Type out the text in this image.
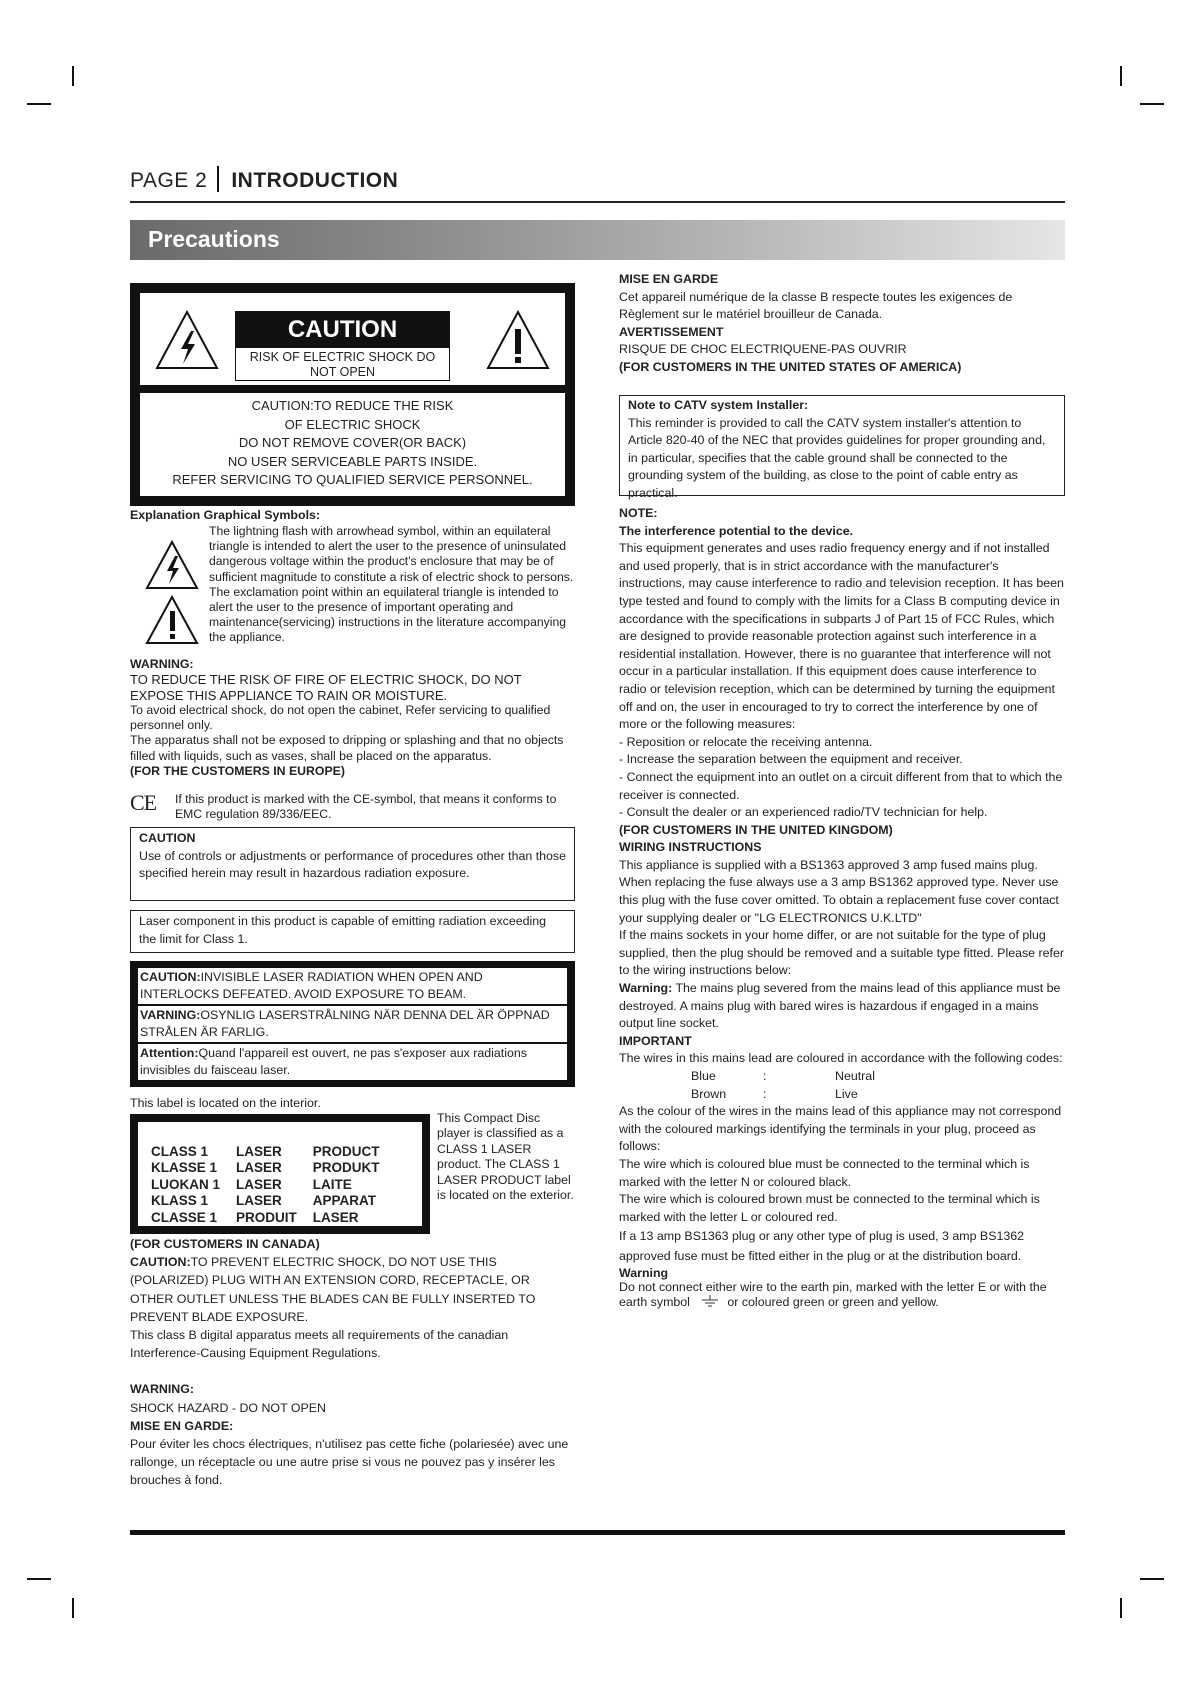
PAGE 2 INTRODUCTION
Precautions
CAUTION
RISK OF ELECTRIC SHOCK DO
NOT OPEN
CAUTION:TO REDUCE THE RISK
OF ELECTRIC SHOCK
DO NOT REMOVE COVER(OR BACK)
NO USER SERVICEABLE PARTS INSIDE.
REFER SERVICING TO QUALIFIED SERVICE PERSONNEL.

Explanation Graphical Symbols:

The lightning flash with arrowhead symbol, within an equilateral triangle is intended to alert the user to the presence of uninsulated dangerous voltage within the product's enclosure that may be of sufficient magnitude to constitute a risk of electric shock to persons.

The exclamation point within an equilateral triangle is intended to alert the user to the presence of important operating and maintenance(servicing) instructions in the literature accompanying the appliance.

WARNING:

TO REDUCE THE RISK OF FIRE OF ELECTRIC SHOCK, DO NOT EXPOSE THIS APPLIANCE TO RAIN OR MOISTURE.

To avoid electrical shock, do not open the cabinet, Refer servicing to qualified personnel only.

The apparatus shall not be exposed to dripping or splashing and that no objects filled with liquids, such as vases, shall be placed on the apparatus.

(FOR THE CUSTOMERS IN EUROPE)

CE If this product is marked with the CE-symbol, that means it conforms to EMC regulation 89/336/EEC.
CAUTION
Use of controls or adjustments or performance of procedures other than those specified herein may result in hazardous radiation exposure.
Laser component in this product is capable of emitting radiation exceeding the limit for Class 1.
CAUTION:INVISIBLE LASER RADIATION WHEN OPEN AND INTERLOCKS DEFEATED. AVOID EXPOSURE TO BEAM.
VARNING:OSYNLIG LASERSTRÅLNING NÄR DENNA DEL ÄR ÖPPNAD STRÅLEN ÄR FARLIG.
Attention:Quand l'appareil est ouvert, ne pas s'exposer aux radiations invisibles du faisceau laser.
This label is located on the interior.
CLASS 1	LASER	PRODUCT
KLASSE 1	LASER	PRODUKT
LUOKAN 1	LASER	LAITE
KLASS 1	LASER	APPARAT
CLASSE 1	PRODUIT	LASER
This Compact Disc player is classified as a CLASS 1 LASER product. The CLASS 1 LASER PRODUCT label is located on the exterior.

(FOR CUSTOMERS IN CANADA)

CAUTION:TO PREVENT ELECTRIC SHOCK, DO NOT USE THIS (POLARIZED) PLUG WITH AN EXTENSION CORD, RECEPTACLE, OR OTHER OUTLET UNLESS THE BLADES CAN BE FULLY INSERTED TO PREVENT BLADE EXPOSURE.

This class B digital apparatus meets all requirements of the canadian Interference-Causing Equipment Regulations.

WARNING:

SHOCK HAZARD - DO NOT OPEN

MISE EN GARDE:

Pour éviter les chocs électriques, n'utilisez pas cette fiche (polariesée) avec une rallonge, un réceptacle ou une autre prise si vous ne pouvez pas y insérer les brouches à fond.

MISE EN GARDE

Cet appareil numérique de la classe B respecte toutes les exigences de Règlement sur le matériel brouilleur de Canada.

AVERTISSEMENT

RISQUE DE CHOC ELECTRIQUENE-PAS OUVRIR

(FOR CUSTOMERS IN THE UNITED STATES OF AMERICA)

Note to CATV system Installer:
This reminder is provided to call the CATV system installer's attention to Article 820-40 of the NEC that provides guidelines for proper grounding and, in particular, specifies that the cable ground shall be connected to the grounding system of the building, as close to the point of cable entry as practical.

NOTE:

The interference potential to the device.

This equipment generates and uses radio frequency energy and if not installed and used properly, that is in strict accordance with the manufacturer's instructions, may cause interference to radio and television reception. It has been type tested and found to comply with the limits for a Class B computing device in accordance with the specifications in subparts J of Part 15 of FCC Rules, which are designed to provide reasonable protection against such interference in a residential installation. However, there is no guarantee that interference will not occur in a particular installation. If this equipment does cause interference to radio or television reception, which can be determined by turning the equipment off and on, the user in encouraged to try to correct the interference by one of more or the following measures:

- Reposition or relocate the receiving antenna.

- Increase the separation between the equipment and receiver.

- Connect the equipment into an outlet on a circuit different from that to which the receiver is connected.

- Consult the dealer or an experienced radio/TV technician for help.

(FOR CUSTOMERS IN THE UNITED KINGDOM)

WIRING INSTRUCTIONS

This appliance is supplied with a BS1363 approved 3 amp fused mains plug. When replacing the fuse always use a 3 amp BS1362 approved type. Never use this plug with the fuse cover omitted. To obtain a replacement fuse cover contact your supplying dealer or "LG ELECTRONICS U.K.LTD"

If the mains sockets in your home differ, or are not suitable for the type of plug supplied, then the plug should be removed and a suitable type fitted. Please refer to the wiring instructions below:

Warning: The mains plug severed from the mains lead of this appliance must be destroyed. A mains plug with bared wires is hazardous if engaged in a mains output line socket.

IMPORTANT

The wires in this mains lead are coloured in accordance with the following codes:

Blue	:	Neutral

Brown	:	Live

As the colour of the wires in the mains lead of this appliance may not correspond with the coloured markings identifying the terminals in your plug, proceed as follows:

The wire which is coloured blue must be connected to the terminal which is marked with the letter N or coloured black.

The wire which is coloured brown must be connected to the terminal which is marked with the letter L or coloured red.

If a 13 amp BS1363 plug or any other type of plug is used, 3 amp BS1362 approved fuse must be fitted either in the plug or at the distribution board.

Warning

Do not connect either wire to the earth pin, marked with the letter E or with the earth symbol	or coloured green or green and yellow.
